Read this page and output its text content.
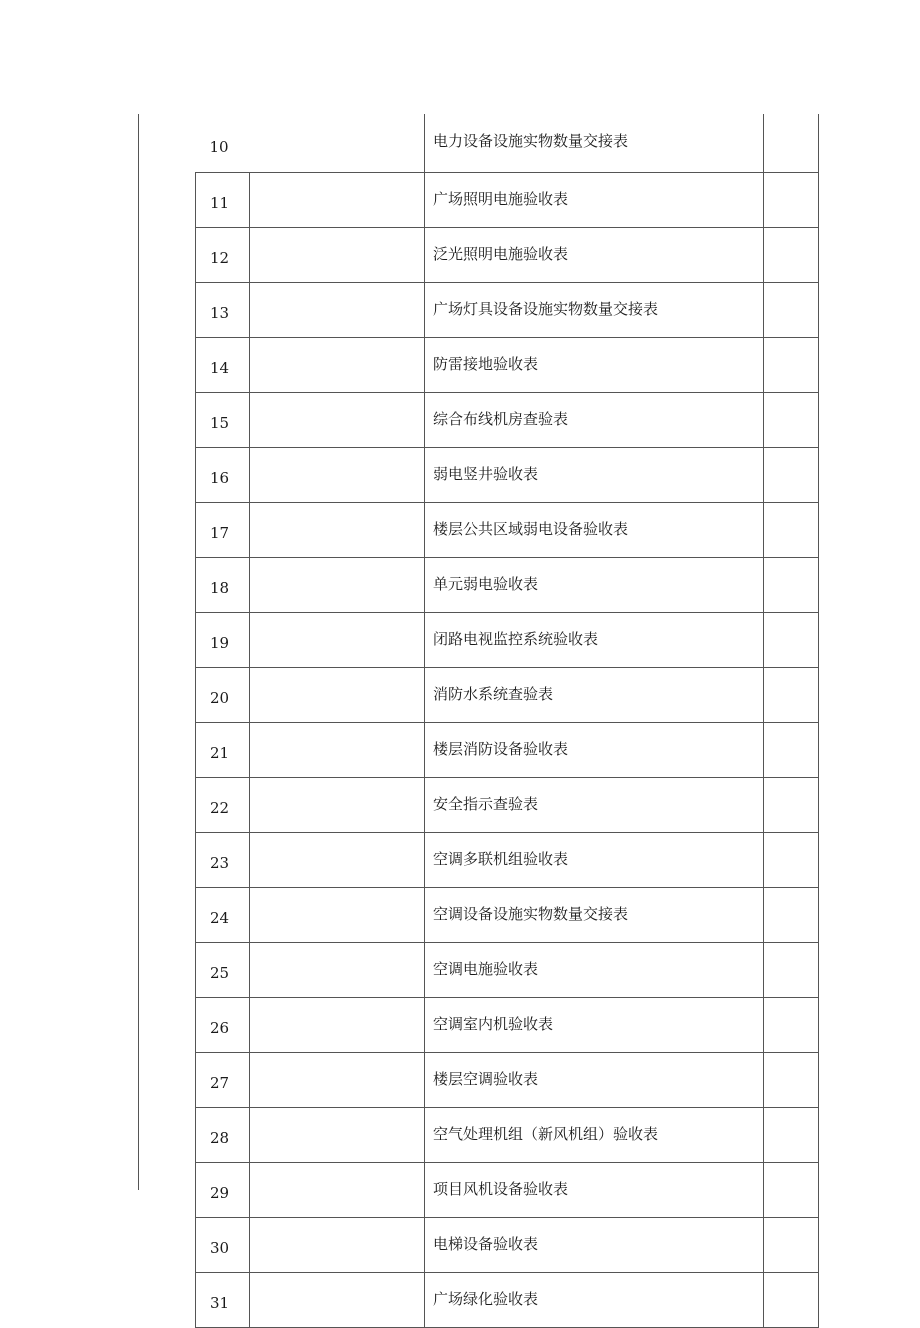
10		电力设备设施实物数量交接表	
11		广场照明电施验收表	
12		泛光照明电施验收表	
13		广场灯具设备设施实物数量交接表	
14		防雷接地验收表	
15		综合布线机房查验表	
16		弱电竖井验收表	
17		楼层公共区域弱电设备验收表	
18		单元弱电验收表	
19		闭路电视监控系统验收表	
20		消防水系统查验表	
21		楼层消防设备验收表	
22		安全指示查验表	
23		空调多联机组验收表	
24		空调设备设施实物数量交接表	
25		空调电施验收表	
26		空调室内机验收表	
27		楼层空调验收表	
28		空气处理机组（新风机组）验收表	
29		项目风机设备验收表	
30		电梯设备验收表	
31		广场绿化验收表	
